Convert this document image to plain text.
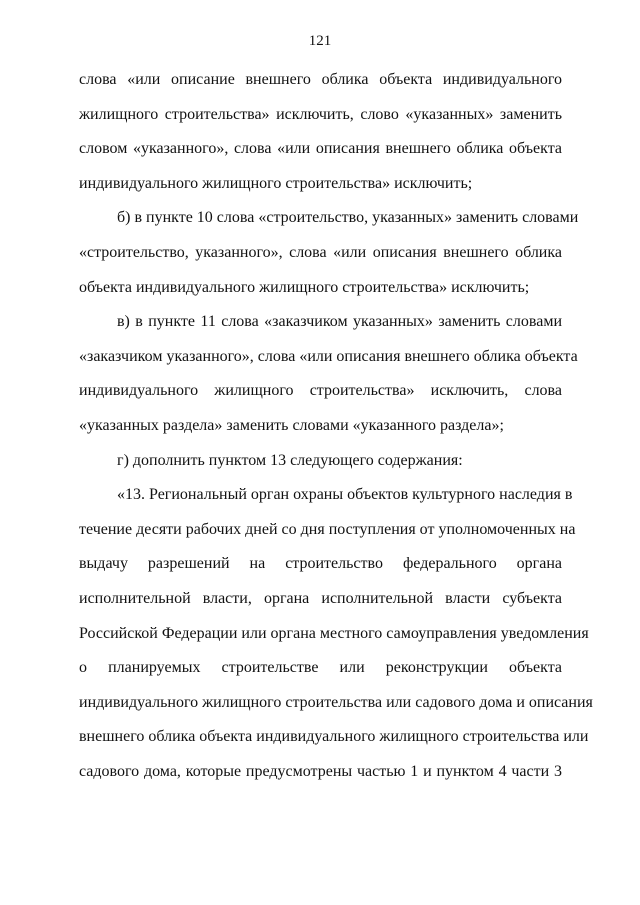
121
слова «или описание внешнего облика объекта индивидуального
жилищного строительства» исключить, слово «указанных» заменить
словом «указанного», слова «или описания внешнего облика объекта
индивидуального жилищного строительства» исключить;
б) в пункте 10 слова «строительство, указанных» заменить словами
«строительство, указанного», слова «или описания внешнего облика
объекта индивидуального жилищного строительства» исключить;
в) в пункте 11 слова «заказчиком указанных» заменить словами
«заказчиком указанного», слова «или описания внешнего облика объекта
индивидуального жилищного строительства» исключить, слова
«указанных раздела» заменить словами «указанного раздела»;
г) дополнить пунктом 13 следующего содержания:
«13. Региональный орган охраны объектов культурного наследия в
течение десяти рабочих дней со дня поступления от уполномоченных на
выдачу разрешений на строительство федерального органа
исполнительной власти, органа исполнительной власти субъекта
Российской Федерации или органа местного самоуправления уведомления
о планируемых строительстве или реконструкции объекта
индивидуального жилищного строительства или садового дома и описания
внешнего облика объекта индивидуального жилищного строительства или
садового дома, которые предусмотрены частью 1 и пунктом 4 части 3
